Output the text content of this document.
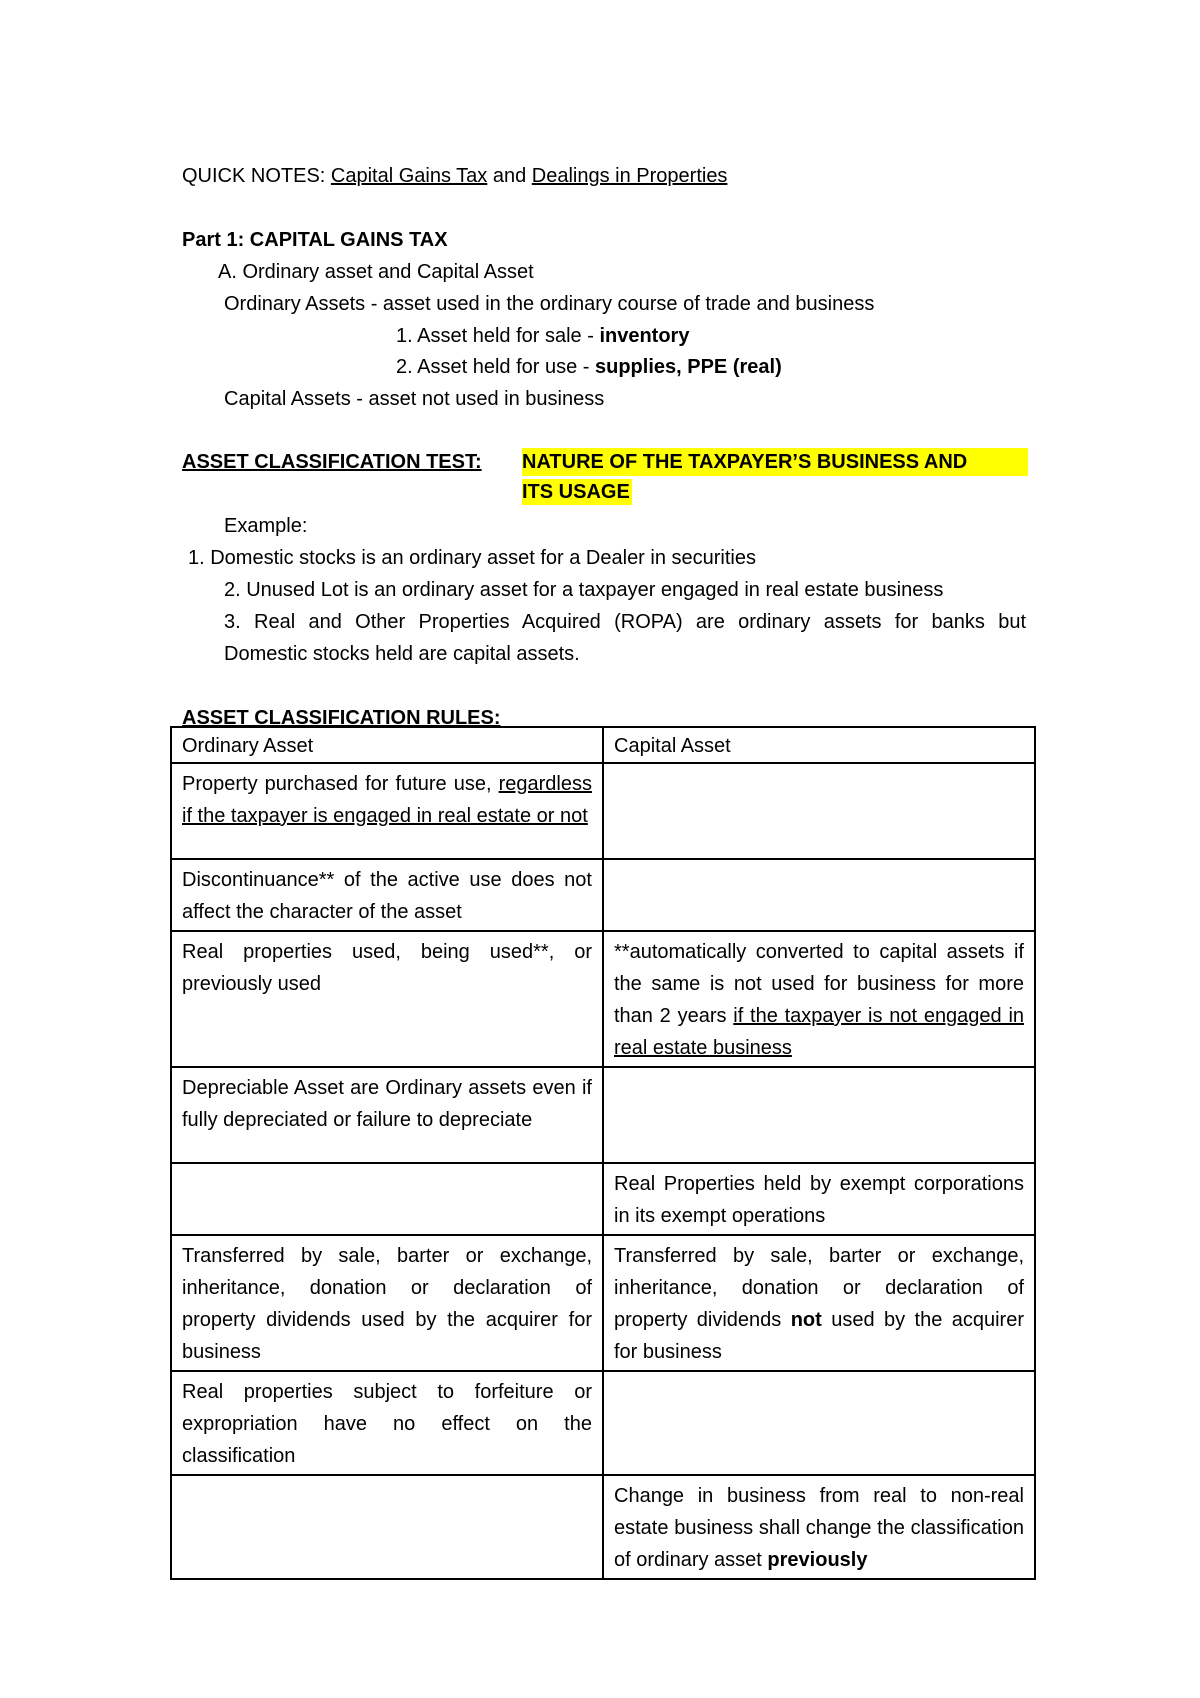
QUICK NOTES: Capital Gains Tax and Dealings in Properties
Part 1: CAPITAL GAINS TAX
A. Ordinary asset and Capital Asset
Ordinary Assets - asset used in the ordinary course of trade and business
1. Asset held for sale - inventory
2. Asset held for use - supplies, PPE (real)
Capital Assets - asset not used in business
ASSET CLASSIFICATION TEST: NATURE OF THE TAXPAYER’S BUSINESS AND
ITS USAGE
Example:
1. Domestic stocks is an ordinary asset for a Dealer in securities
2. Unused Lot is an ordinary asset for a taxpayer engaged in real estate business
3. Real and Other Properties Acquired (ROPA) are ordinary assets for banks but
Domestic stocks held are capital assets.
ASSET CLASSIFICATION RULES:
Ordinary Asset	Capital Asset
Property purchased for future use, regardless if the taxpayer is engaged in real estate or not	
Discontinuance** of the active use does not affect the character of the asset	
Real properties used, being used**, or previously used	**automatically converted to capital assets if the same is not used for business for more than 2 years if the taxpayer is not engaged in real estate business
Depreciable Asset are Ordinary assets even if fully depreciated or failure to depreciate	
	Real Properties held by exempt corporations in its exempt operations
Transferred by sale, barter or exchange, inheritance, donation or declaration of property dividends used by the acquirer for business	Transferred by sale, barter or exchange, inheritance, donation or declaration of property dividends not used by the acquirer for business
Real properties subject to forfeiture or expropriation have no effect on the classification	
	Change in business from real to non-real estate business shall change the classification of ordinary asset previously
